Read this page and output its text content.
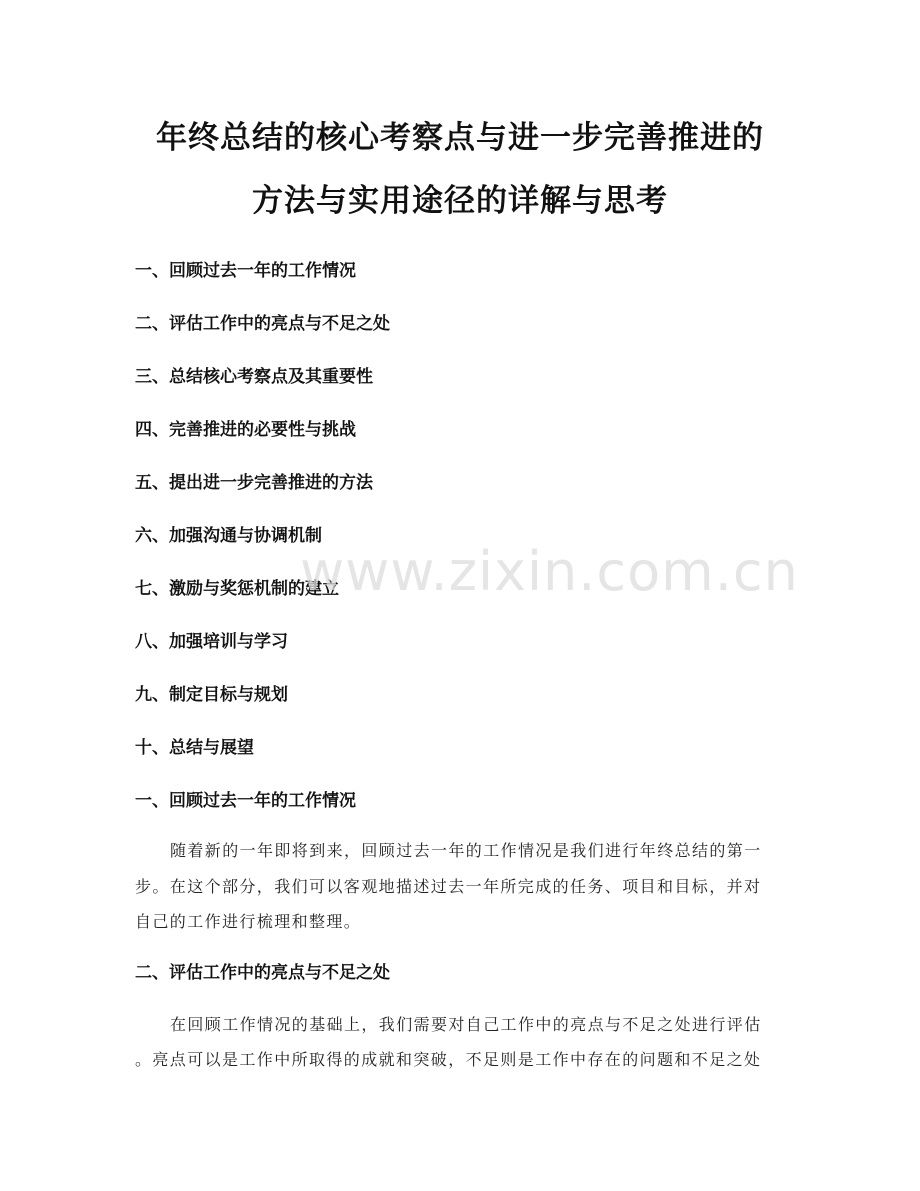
年终总结的核心考察点与进一步完善推进的
方法与实用途径的详解与思考
一、回顾过去一年的工作情况
二、评估工作中的亮点与不足之处
三、总结核心考察点及其重要性
四、完善推进的必要性与挑战
五、提出进一步完善推进的方法
六、加强沟通与协调机制
七、激励与奖惩机制的建立
八、加强培训与学习
九、制定目标与规划
十、总结与展望
一、回顾过去一年的工作情况
随着新的一年即将到来，回顾过去一年的工作情况是我们进行年终总结的第一
步。在这个部分，我们可以客观地描述过去一年所完成的任务、项目和目标，并对
自己的工作进行梳理和整理。
二、评估工作中的亮点与不足之处
在回顾工作情况的基础上，我们需要对自己工作中的亮点与不足之处进行评估
。亮点可以是工作中所取得的成就和突破，不足则是工作中存在的问题和不足之处
www.zixin.com.cn
